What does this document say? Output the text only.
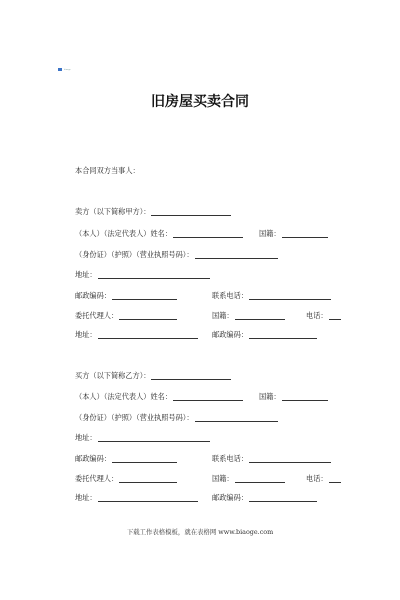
biaoge
旧房屋买卖合同
本合同双方当事人：
卖方（以下简称甲方）：
（本人）（法定代表人）姓名：	国籍：
（身份证）（护照）（营业执照号码）：
地址：
邮政编码：	联系电话：
委托代理人：	国籍：	电话：
地址：	邮政编码：
买方（以下简称乙方）：
（本人）（法定代表人）姓名：	国籍：
（身份证）（护照）（营业执照号码）：
地址：
邮政编码：	联系电话：
委托代理人：	国籍：	电话：
地址：	邮政编码：
下载工作表格模板，就在表格网 www.biaoge.com
